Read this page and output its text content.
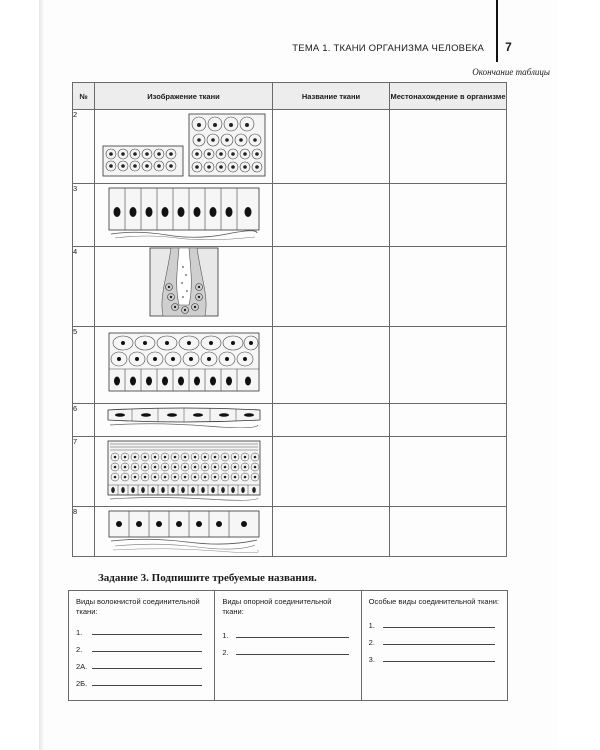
ТЕМА 1. ТКАНИ ОРГАНИЗМА ЧЕЛОВЕКА 7
Окончание таблицы
№	Изображение ткани	Название ткани	Местонахождение в организме
2	

3	

4	

5	

6	

7	

8	

Задание 3. Подпишите требуемые названия.
Виды волокнистой соединительной ткани:
1.
2.
2А.
2Б.
Виды опорной соединительной ткани:
1.
2.
Особые виды соединительной ткани:
1.
2.
3.
